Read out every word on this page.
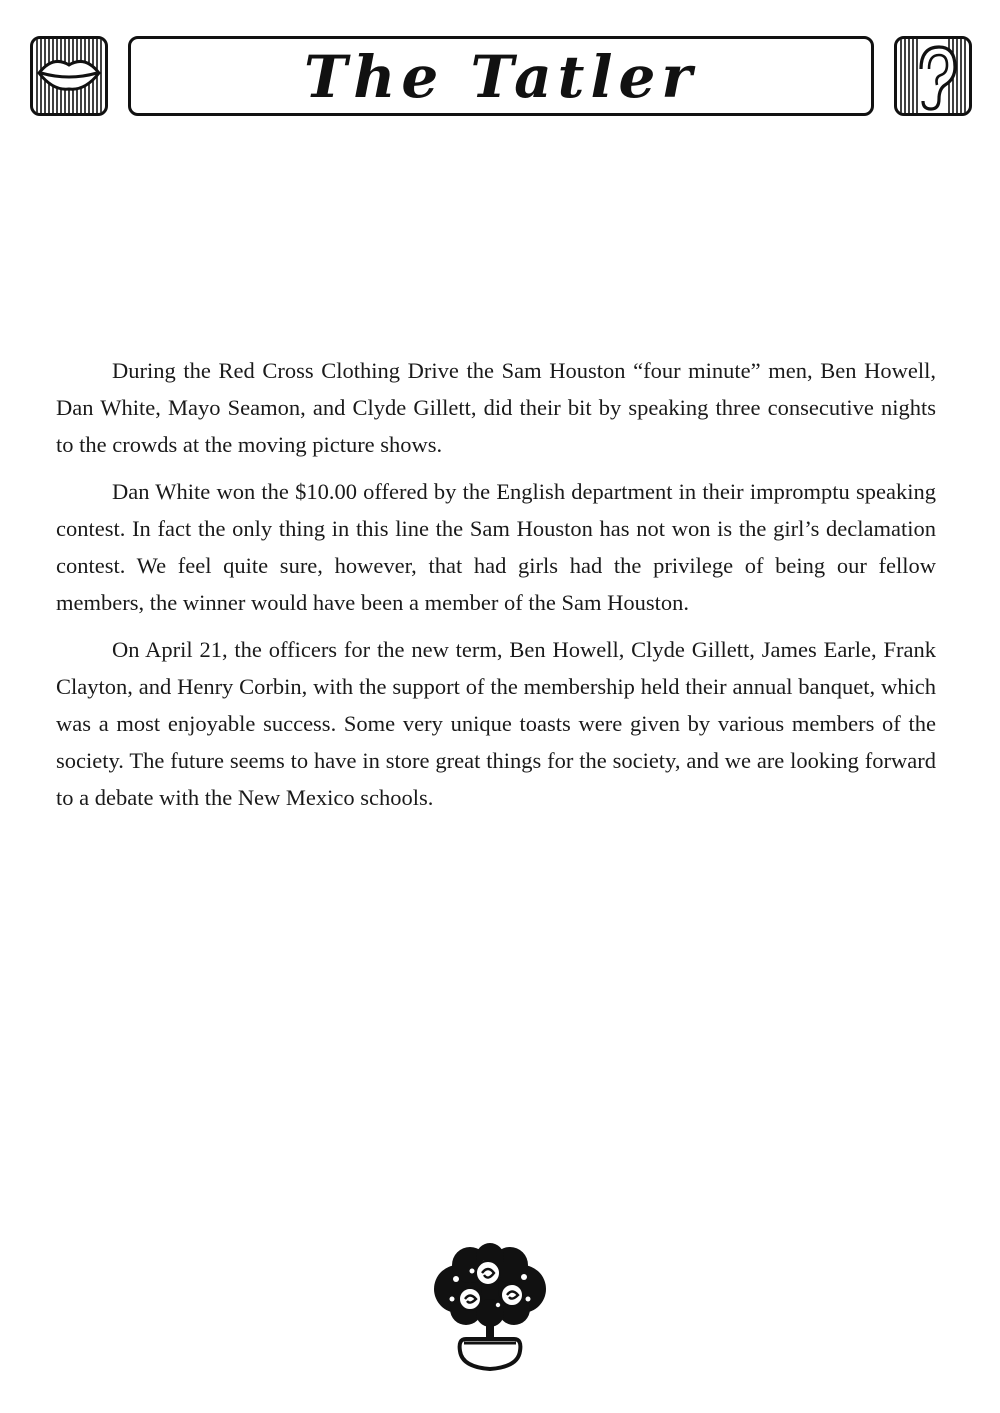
The Tatler

During the Red Cross Clothing Drive the Sam Houston “four minute” men, Ben Howell, Dan White, Mayo Seamon, and Clyde Gillett, did their bit by speaking three consecutive nights to the crowds at the moving picture shows.

Dan White won the $10.00 offered by the English department in their impromptu speaking contest. In fact the only thing in this line the Sam Houston has not won is the girl’s declamation contest. We feel quite sure, however, that had girls had the privilege of being our fellow members, the winner would have been a member of the Sam Houston.

On April 21, the officers for the new term, Ben Howell, Clyde Gillett, James Earle, Frank Clayton, and Henry Corbin, with the support of the membership held their annual banquet, which was a most enjoyable success. Some very unique toasts were given by various members of the society. The future seems to have in store great things for the society, and we are looking forward to a debate with the New Mexico schools.
